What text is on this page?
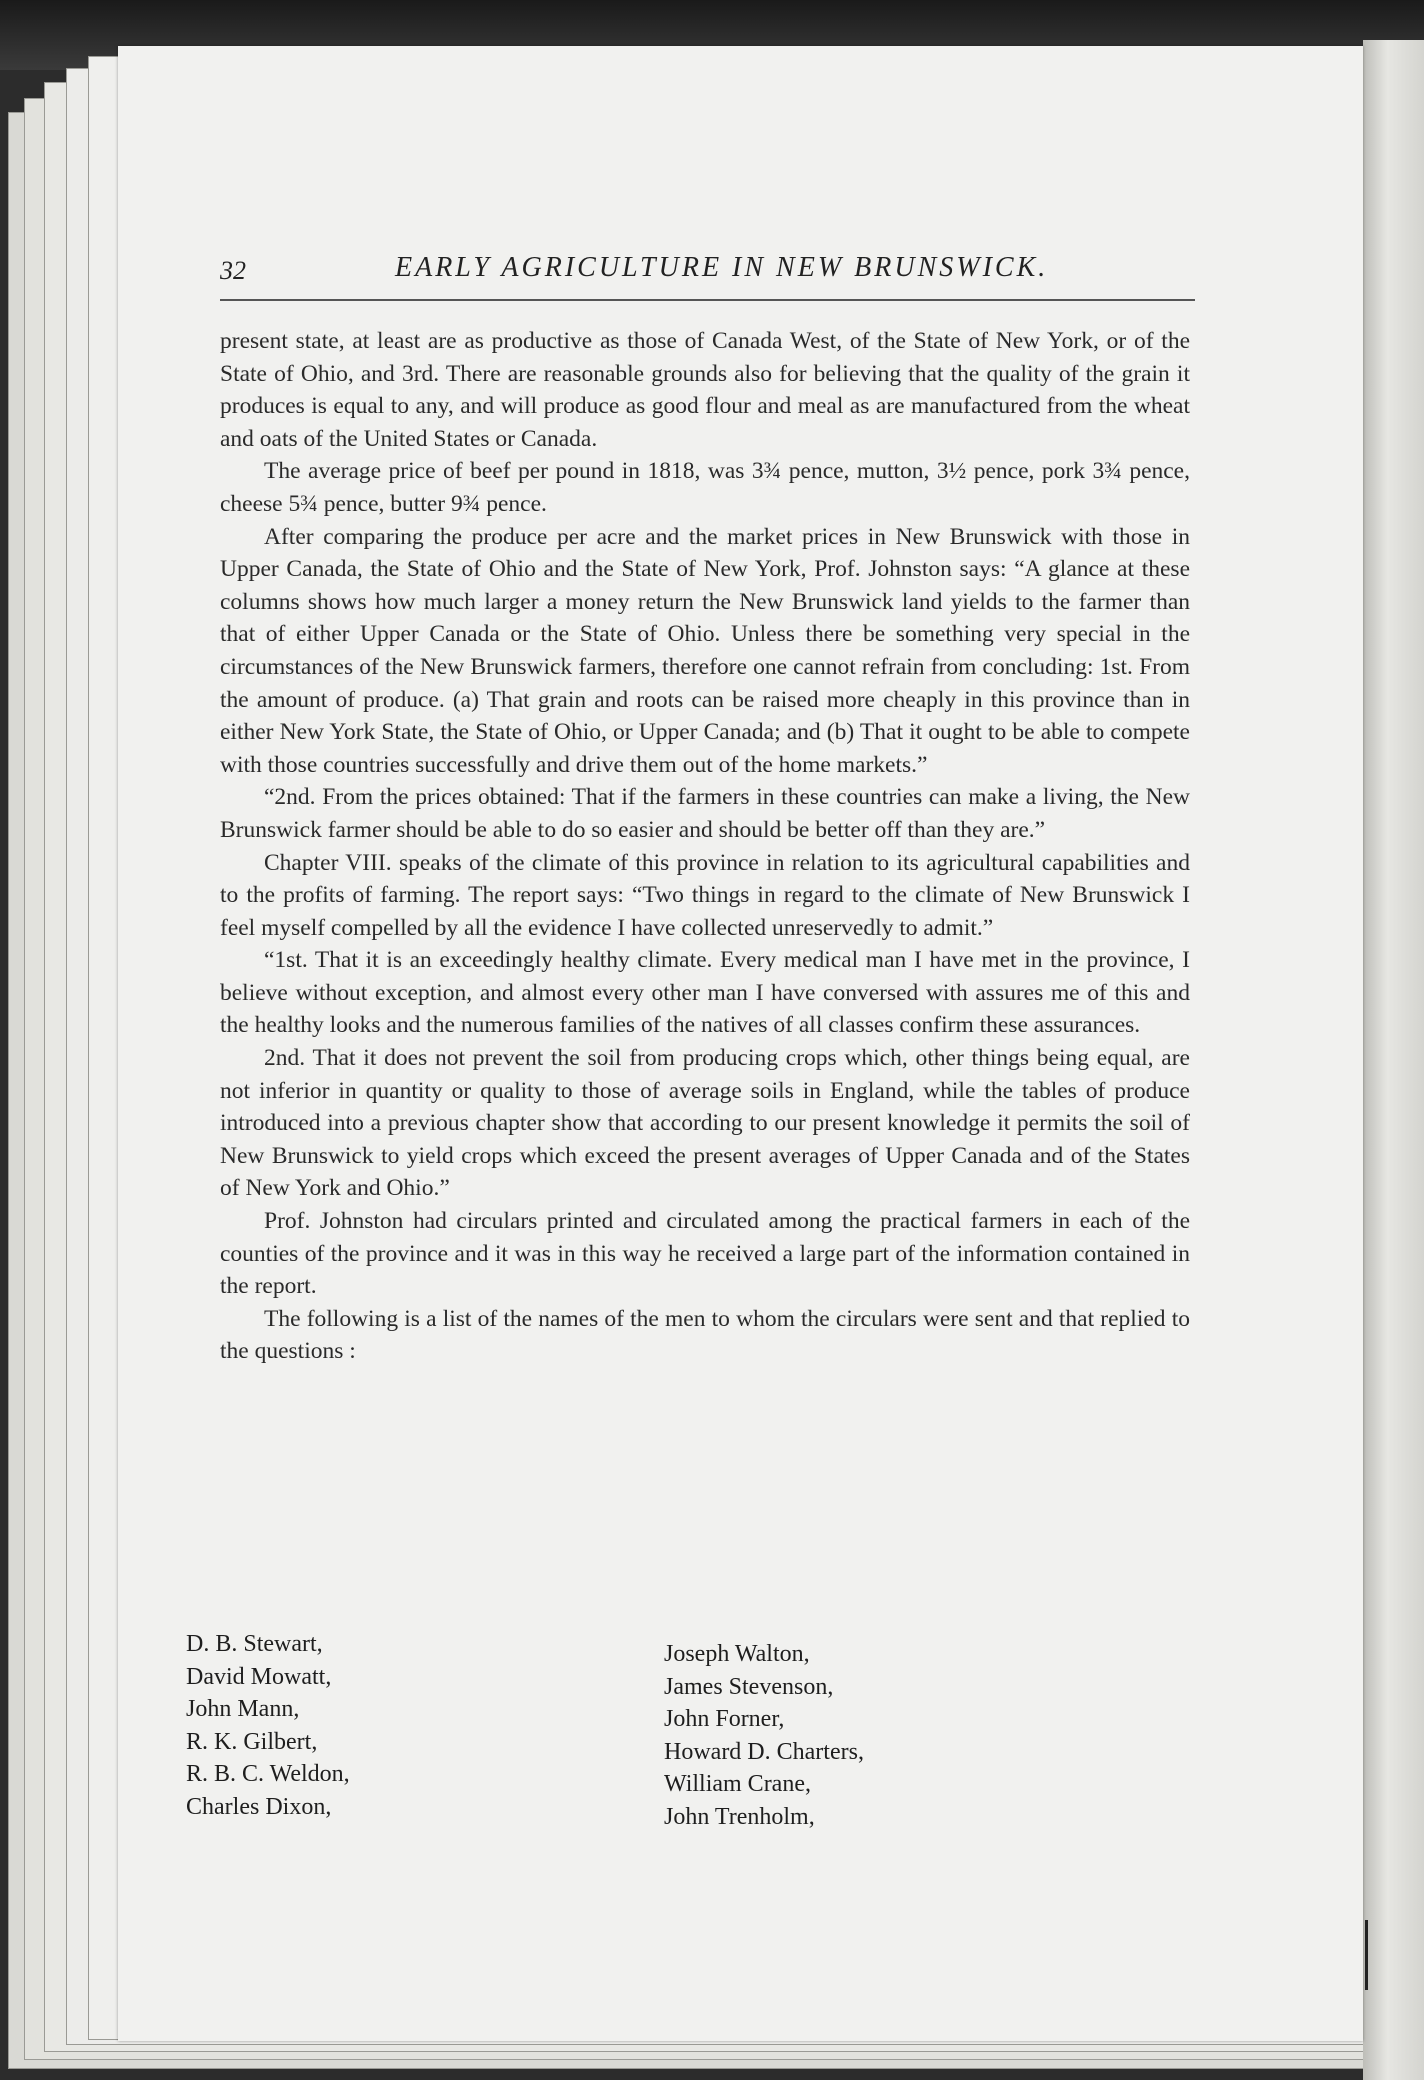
32	EARLY AGRICULTURE IN NEW BRUNSWICK.

present state, at least are as productive as those of Canada West, of the State of New York, or of the State of Ohio, and 3rd. There are reasonable grounds also for believing that the quality of the grain it produces is equal to any, and will produce as good flour and meal as are manufactured from the wheat and oats of the United States or Canada.

The average price of beef per pound in 1818, was 3¾ pence, mutton, 3½ pence, pork 3¾ pence, cheese 5¾ pence, butter 9¾ pence.

After comparing the produce per acre and the market prices in New Brunswick with those in Upper Canada, the State of Ohio and the State of New York, Prof. Johnston says: “A glance at these columns shows how much larger a money return the New Brunswick land yields to the farmer than that of either Upper Canada or the State of Ohio. Unless there be something very special in the circumstances of the New Brunswick farmers, therefore one cannot refrain from concluding: 1st. From the amount of produce. (a) That grain and roots can be raised more cheaply in this province than in either New York State, the State of Ohio, or Upper Canada; and (b) That it ought to be able to compete with those countries successfully and drive them out of the home markets.”

“2nd. From the prices obtained: That if the farmers in these countries can make a living, the New Brunswick farmer should be able to do so easier and should be better off than they are.”

Chapter VIII. speaks of the climate of this province in relation to its agricultural capabilities and to the profits of farming. The report says: “Two things in regard to the climate of New Brunswick I feel myself compelled by all the evidence I have collected unreservedly to admit.”

“1st. That it is an exceedingly healthy climate. Every medical man I have met in the province, I believe without exception, and almost every other man I have conversed with assures me of this and the healthy looks and the numerous families of the natives of all classes confirm these assurances.

2nd. That it does not prevent the soil from producing crops which, other things being equal, are not inferior in quantity or quality to those of average soils in England, while the tables of produce introduced into a previous chapter show that according to our present knowledge it permits the soil of New Brunswick to yield crops which exceed the present averages of Upper Canada and of the States of New York and Ohio.”

Prof. Johnston had circulars printed and circulated among the practical farmers in each of the counties of the province and it was in this way he received a large part of the information contained in the report.

The following is a list of the names of the men to whom the circulars were sent and that replied to the questions :

D. B. Stewart,
David Mowatt,
John Mann,
R. K. Gilbert,
R. B. C. Weldon,
Charles Dixon,
Joseph Walton,
James Stevenson,
John Forner,
Howard D. Charters,
William Crane,
John Trenholm,
